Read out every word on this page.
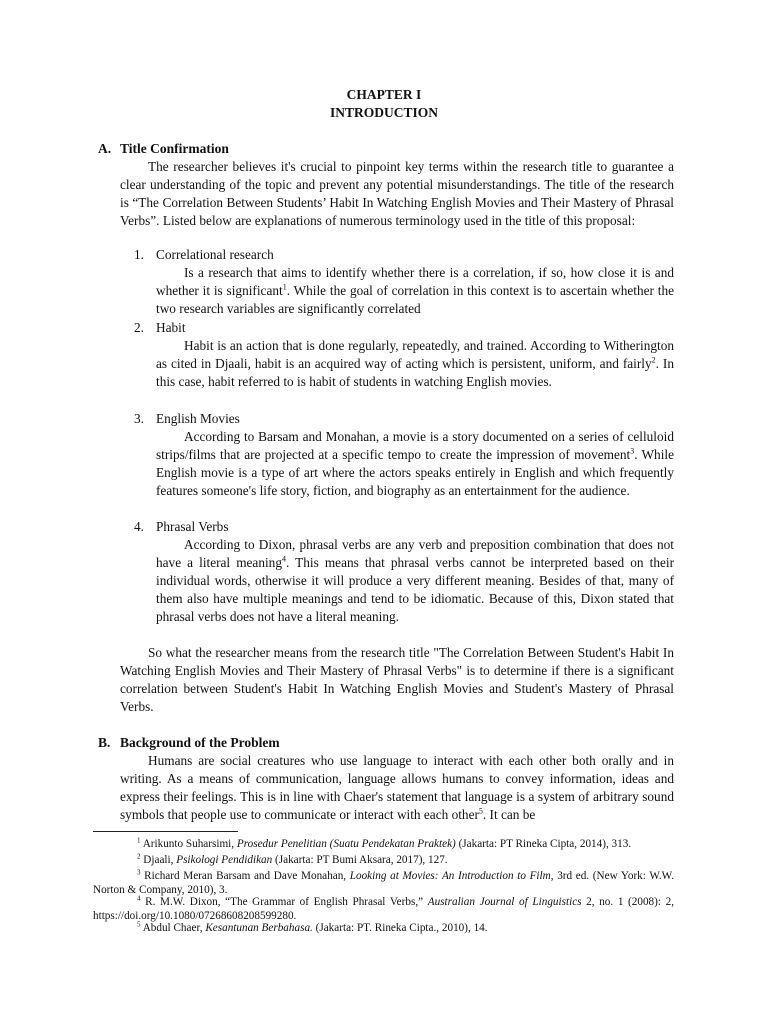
CHAPTER I
INTRODUCTION
A. Title Confirmation
The researcher believes it's crucial to pinpoint key terms within the research title to guarantee a clear understanding of the topic and prevent any potential misunderstandings. The title of the research is “The Correlation Between Students’ Habit In Watching English Movies and Their Mastery of Phrasal Verbs”. Listed below are explanations of numerous terminology used in the title of this proposal:
1. Correlational research
Is a research that aims to identify whether there is a correlation, if so, how close it is and whether it is significant$^1$. While the goal of correlation in this context is to ascertain whether the two research variables are significantly correlated
2. Habit
Habit is an action that is done regularly, repeatedly, and trained. According to Witherington as cited in Djaali, habit is an acquired way of acting which is persistent, uniform, and fairly$^2$. In this case, habit referred to is habit of students in watching English movies.
3. English Movies
According to Barsam and Monahan, a movie is a story documented on a series of celluloid strips/films that are projected at a specific tempo to create the impression of movement$^3$. While English movie is a type of art where the actors speaks entirely in English and which frequently features someone's life story, fiction, and biography as an entertainment for the audience.
4. Phrasal Verbs
According to Dixon, phrasal verbs are any verb and preposition combination that does not have a literal meaning$^4$. This means that phrasal verbs cannot be interpreted based on their individual words, otherwise it will produce a very different meaning. Besides of that, many of them also have multiple meanings and tend to be idiomatic. Because of this, Dixon stated that phrasal verbs does not have a literal meaning.
So what the researcher means from the research title "The Correlation Between Student's Habit In Watching English Movies and Their Mastery of Phrasal Verbs" is to determine if there is a significant correlation between Student's Habit In Watching English Movies and Student's Mastery of Phrasal Verbs.
B. Background of the Problem
Humans are social creatures who use language to interact with each other both orally and in writing. As a means of communication, language allows humans to convey information, ideas and express their feelings. This is in line with Chaer's statement that language is a system of arbitrary sound symbols that people use to communicate or interact with each other$^5$. It can be
$^1$ Arikunto Suharsimi, Prosedur Penelitian (Suatu Pendekatan Praktek) (Jakarta: PT Rineka Cipta, 2014), 313.
$^2$ Djaali, Psikologi Pendidikan (Jakarta: PT Bumi Aksara, 2017), 127.
$^3$ Richard Meran Barsam and Dave Monahan, Looking at Movies: An Introduction to Film, 3rd ed. (New York: W.W. Norton & Company, 2010), 3.
$^4$ R. M.W. Dixon, “The Grammar of English Phrasal Verbs,” Australian Journal of Linguistics 2, no. 1 (2008): 2, https://doi.org/10.1080/07268608208599280.
$^5$ Abdul Chaer, Kesantunan Berbahasa. (Jakarta: PT. Rineka Cipta., 2010), 14.
